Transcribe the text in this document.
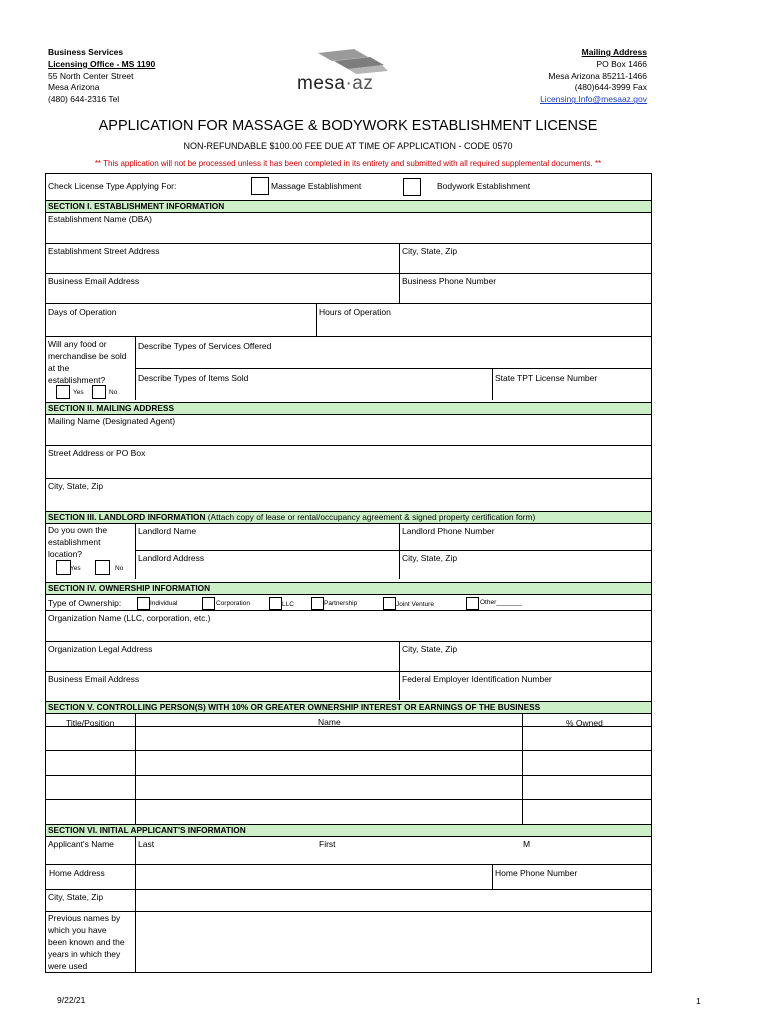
Business Services
Licensing Office - MS 1190
55 North Center Street
Mesa Arizona
(480) 644-2316 Tel
mesa·az
Mailing Address
PO Box 1466
Mesa Arizona 85211-1466
(480)644-3999 Fax
Licensing.Info@mesaaz.gov
APPLICATION FOR MASSAGE & BODYWORK ESTABLISHMENT LICENSE
NON-REFUNDABLE $100.00 FEE DUE AT TIME OF APPLICATION - CODE 0570
** This application will not be processed unless it has been completed in its entirety and submitted with all required supplemental documents. **
Check License Type Applying For:	Massage Establishment	Bodywork Establishment
SECTION I. ESTABLISHMENT INFORMATION
Establishment Name (DBA)
Establishment Street Address	City, State, Zip
Business Email Address	Business Phone Number
Days of Operation	Hours of Operation
Will any food or
merchandise be sold
at the
establishment?
Yes	No
Describe Types of Services Offered
Describe Types of Items Sold	State TPT License Number
SECTION II. MAILING ADDRESS
Mailing Name (Designated Agent)
Street Address or PO Box
City, State, Zip
SECTION III. LANDLORD INFORMATION (Attach copy of lease or rental/occupancy agreement & signed property certification form)
Do you own the
establishment
location?
Yes	No
Landlord Name	Landlord Phone Number
Landlord Address	City, State, Zip
SECTION IV. OWNERSHIP INFORMATION
Type of Ownership:	Individual	Corporation	LLC	Partnership	Joint Venture	Other_______
Organization Name (LLC, corporation, etc.)
Organization Legal Address	City, State, Zip
Business Email Address	Federal Employer Identification Number
SECTION V. CONTROLLING PERSON(S) WITH 10% OR GREATER OWNERSHIP INTEREST OR EARNINGS OF THE BUSINESS
Title/Position	Name	% Owned
SECTION VI. INITIAL APPLICANT'S INFORMATION
Applicant's Name	Last	First	M
Home Address	Home Phone Number
City, State, Zip
Previous names by
which you have
been known and the
years in which they
were used
9/22/21	1
